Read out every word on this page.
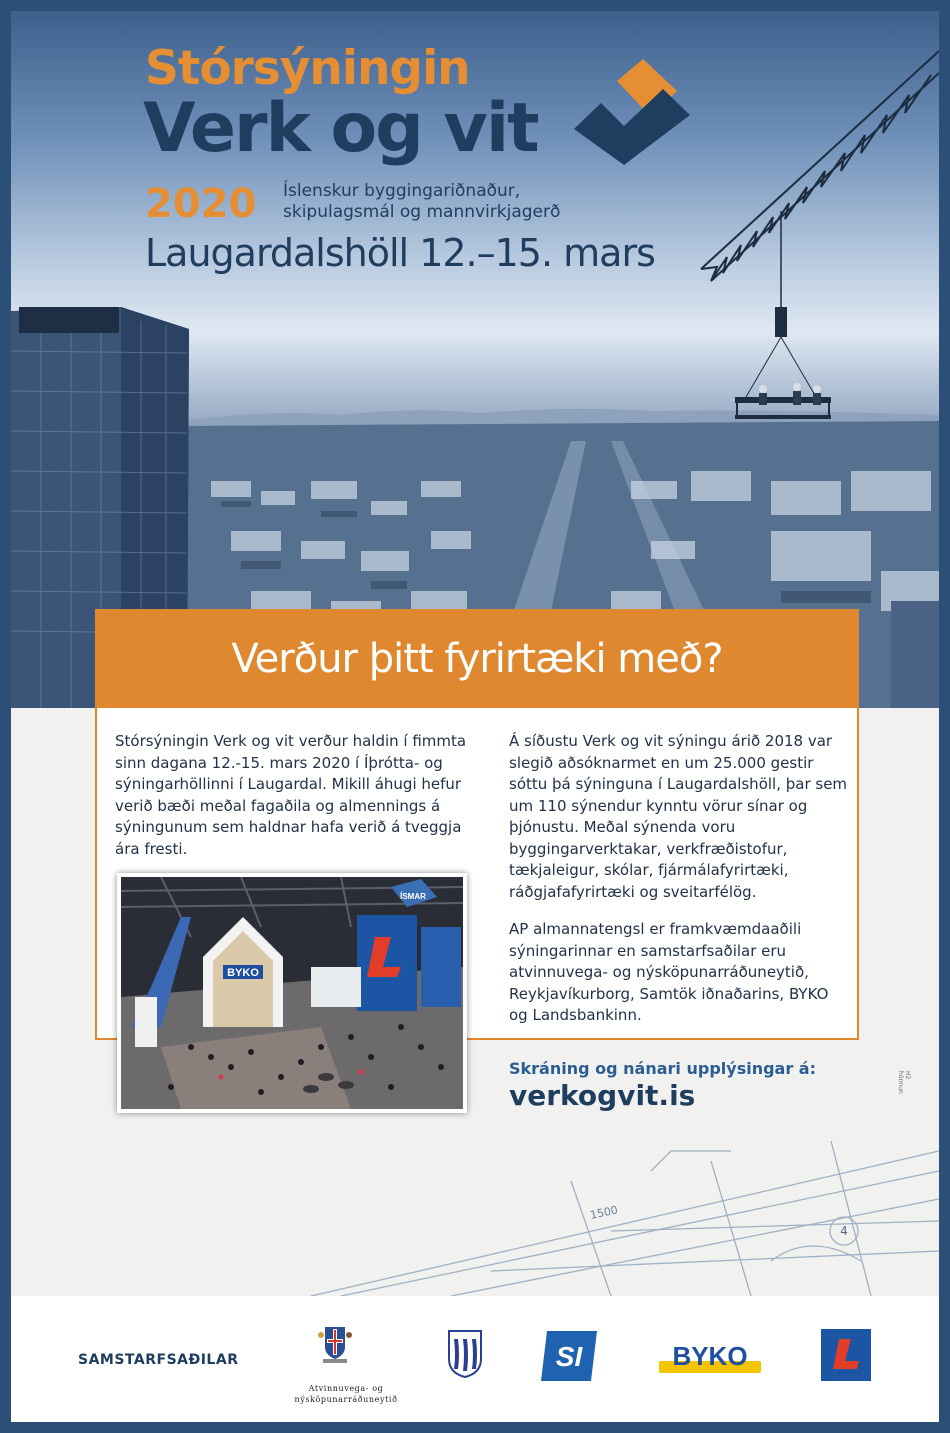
Stórsýningin
Verk og vit
2020 Íslenskur byggingariðnaður,
skipulagsmál og mannvirkjagerð
Laugardalshöll 12.–15. mars
Verður þitt fyrirtæki með?

Stórsýningin Verk og vit verður haldin í fimmta sinn dagana 12.-15. mars 2020 í Íþrótta- og sýningarhöllinni í Laugardal. Mikill áhugi hefur verið bæði meðal fagaðila og almennings á sýningunum sem haldnar hafa verið á tveggja ára fresti.

BYKO
ÍSMAR

Á síðustu Verk og vit sýningu árið 2018 var slegið aðsóknarmet en um 25.000 gestir sóttu þá sýninguna í Laugardalshöll, þar sem um 110 sýnendur kynntu vörur sínar og þjónustu. Meðal sýnenda voru byggingarverktakar, verkfræðistofur, tækjaleigur, skólar, fjármálafyrirtæki, ráðgjafafyrirtæki og sveitarfélög.

AP almannatengsl er framkvæmdaaðili sýningarinnar en samstarfsaðilar eru atvinnuvega- og nýsköpunarráðuneytið, Reykjavíkurborg, Samtök iðnaðarins, BYKO og Landsbankinn.

Skráning og nánari upplýsingar á:
verkogvit.is
H2 hönnun
1500
4
SAMSTARFSAÐILAR
Atvinnuvega- og
nýsköpunarráðuneytið
SI	BYKO
